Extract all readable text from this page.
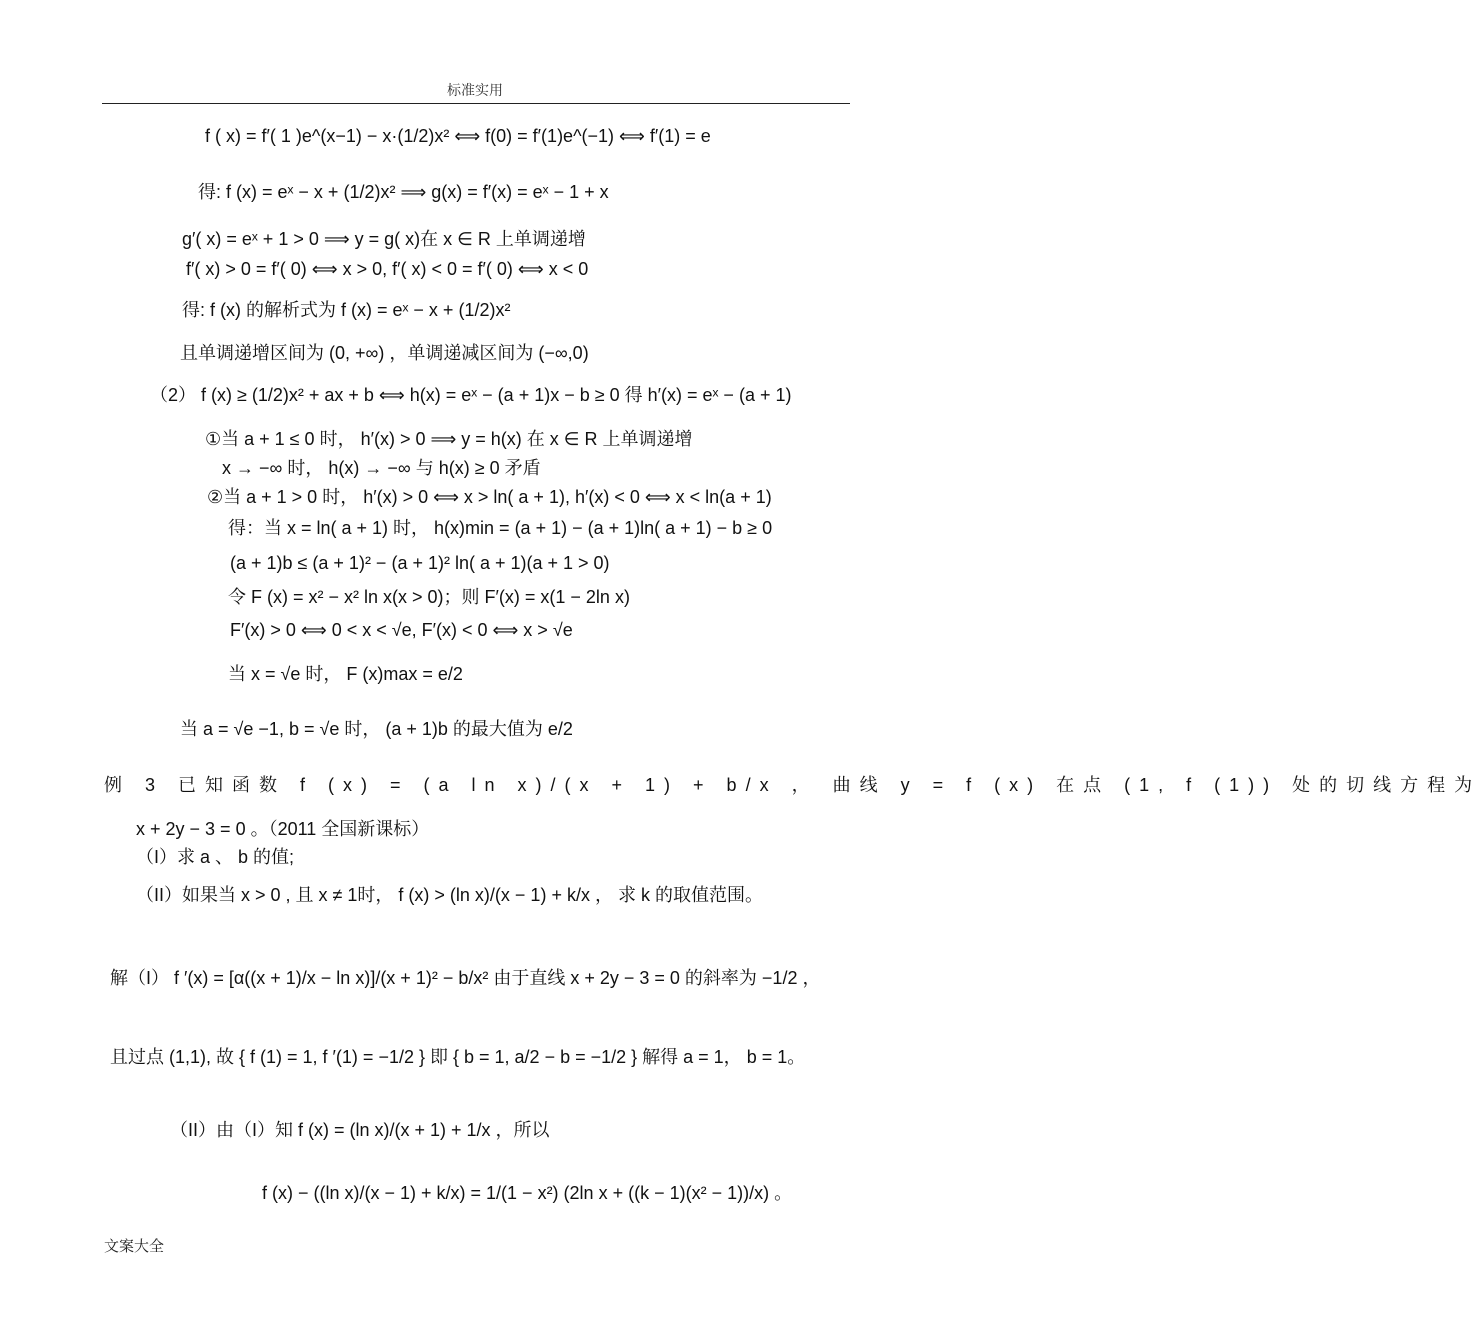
标准实用
f ( x) = f′( 1 )e^(x−1) − x·(1/2)x² ⟺ f(0) = f′(1)e^(−1) ⟺ f′(1) = e
得: f (x) = eˣ − x + (1/2)x² ⟹ g(x) = f′(x) = eˣ − 1 + x
g′( x) = eˣ + 1 > 0 ⟹ y = g( x)在 x ∈ R 上单调递增
f′( x) > 0 = f′( 0) ⟺ x > 0, f′( x) < 0 = f′( 0) ⟺ x < 0
得: f (x) 的解析式为 f (x) = eˣ − x + (1/2)x²
且单调递增区间为 (0, +∞) ，单调递减区间为 (−∞,0)
（2） f (x) ≥ (1/2)x² + ax + b ⟺ h(x) = eˣ − (a + 1)x − b ≥ 0 得 h′(x) = eˣ − (a + 1)
①当 a + 1 ≤ 0 时， h′(x) > 0 ⟹ y = h(x) 在 x ∈ R 上单调递增
x → −∞ 时， h(x) → −∞ 与 h(x) ≥ 0 矛盾
②当 a + 1 > 0 时， h′(x) > 0 ⟺ x > ln( a + 1), h′(x) < 0 ⟺ x < ln(a + 1)
得：当 x = ln( a + 1) 时， h(x)min = (a + 1) − (a + 1)ln( a + 1) − b ≥ 0
(a + 1)b ≤ (a + 1)² − (a + 1)² ln( a + 1)(a + 1 > 0)
令 F (x) = x² − x² ln x(x > 0)；则 F′(x) = x(1 − 2ln x)
F′(x) > 0 ⟺ 0 < x < √e, F′(x) < 0 ⟺ x > √e
当 x = √e 时， F (x)max = e/2
当 a = √e −1, b = √e 时， (a + 1)b 的最大值为 e/2
例 3 已知函数 f (x) = (a ln x)/(x + 1) + b/x ， 曲线 y = f (x) 在点 (1, f (1)) 处的切线方程为
x + 2y − 3 = 0 。（2011 全国新课标）
（I）求 a 、 b 的值;
（II）如果当 x > 0 , 且 x ≠ 1时， f (x) > (ln x)/(x − 1) + k/x ， 求 k 的取值范围。
解（I） f ′(x) = [α((x + 1)/x − ln x)]/(x + 1)² − b/x² 由于直线 x + 2y − 3 = 0 的斜率为 −1/2 ，
且过点 (1,1), 故 { f (1) = 1, f ′(1) = −1/2 } 即 { b = 1, a/2 − b = −1/2 } 解得 a = 1， b = 1。
（II）由（I）知 f (x) = (ln x)/(x + 1) + 1/x ，所以
f (x) − ((ln x)/(x − 1) + k/x) = 1/(1 − x²) (2ln x + ((k − 1)(x² − 1))/x) 。
文案大全
